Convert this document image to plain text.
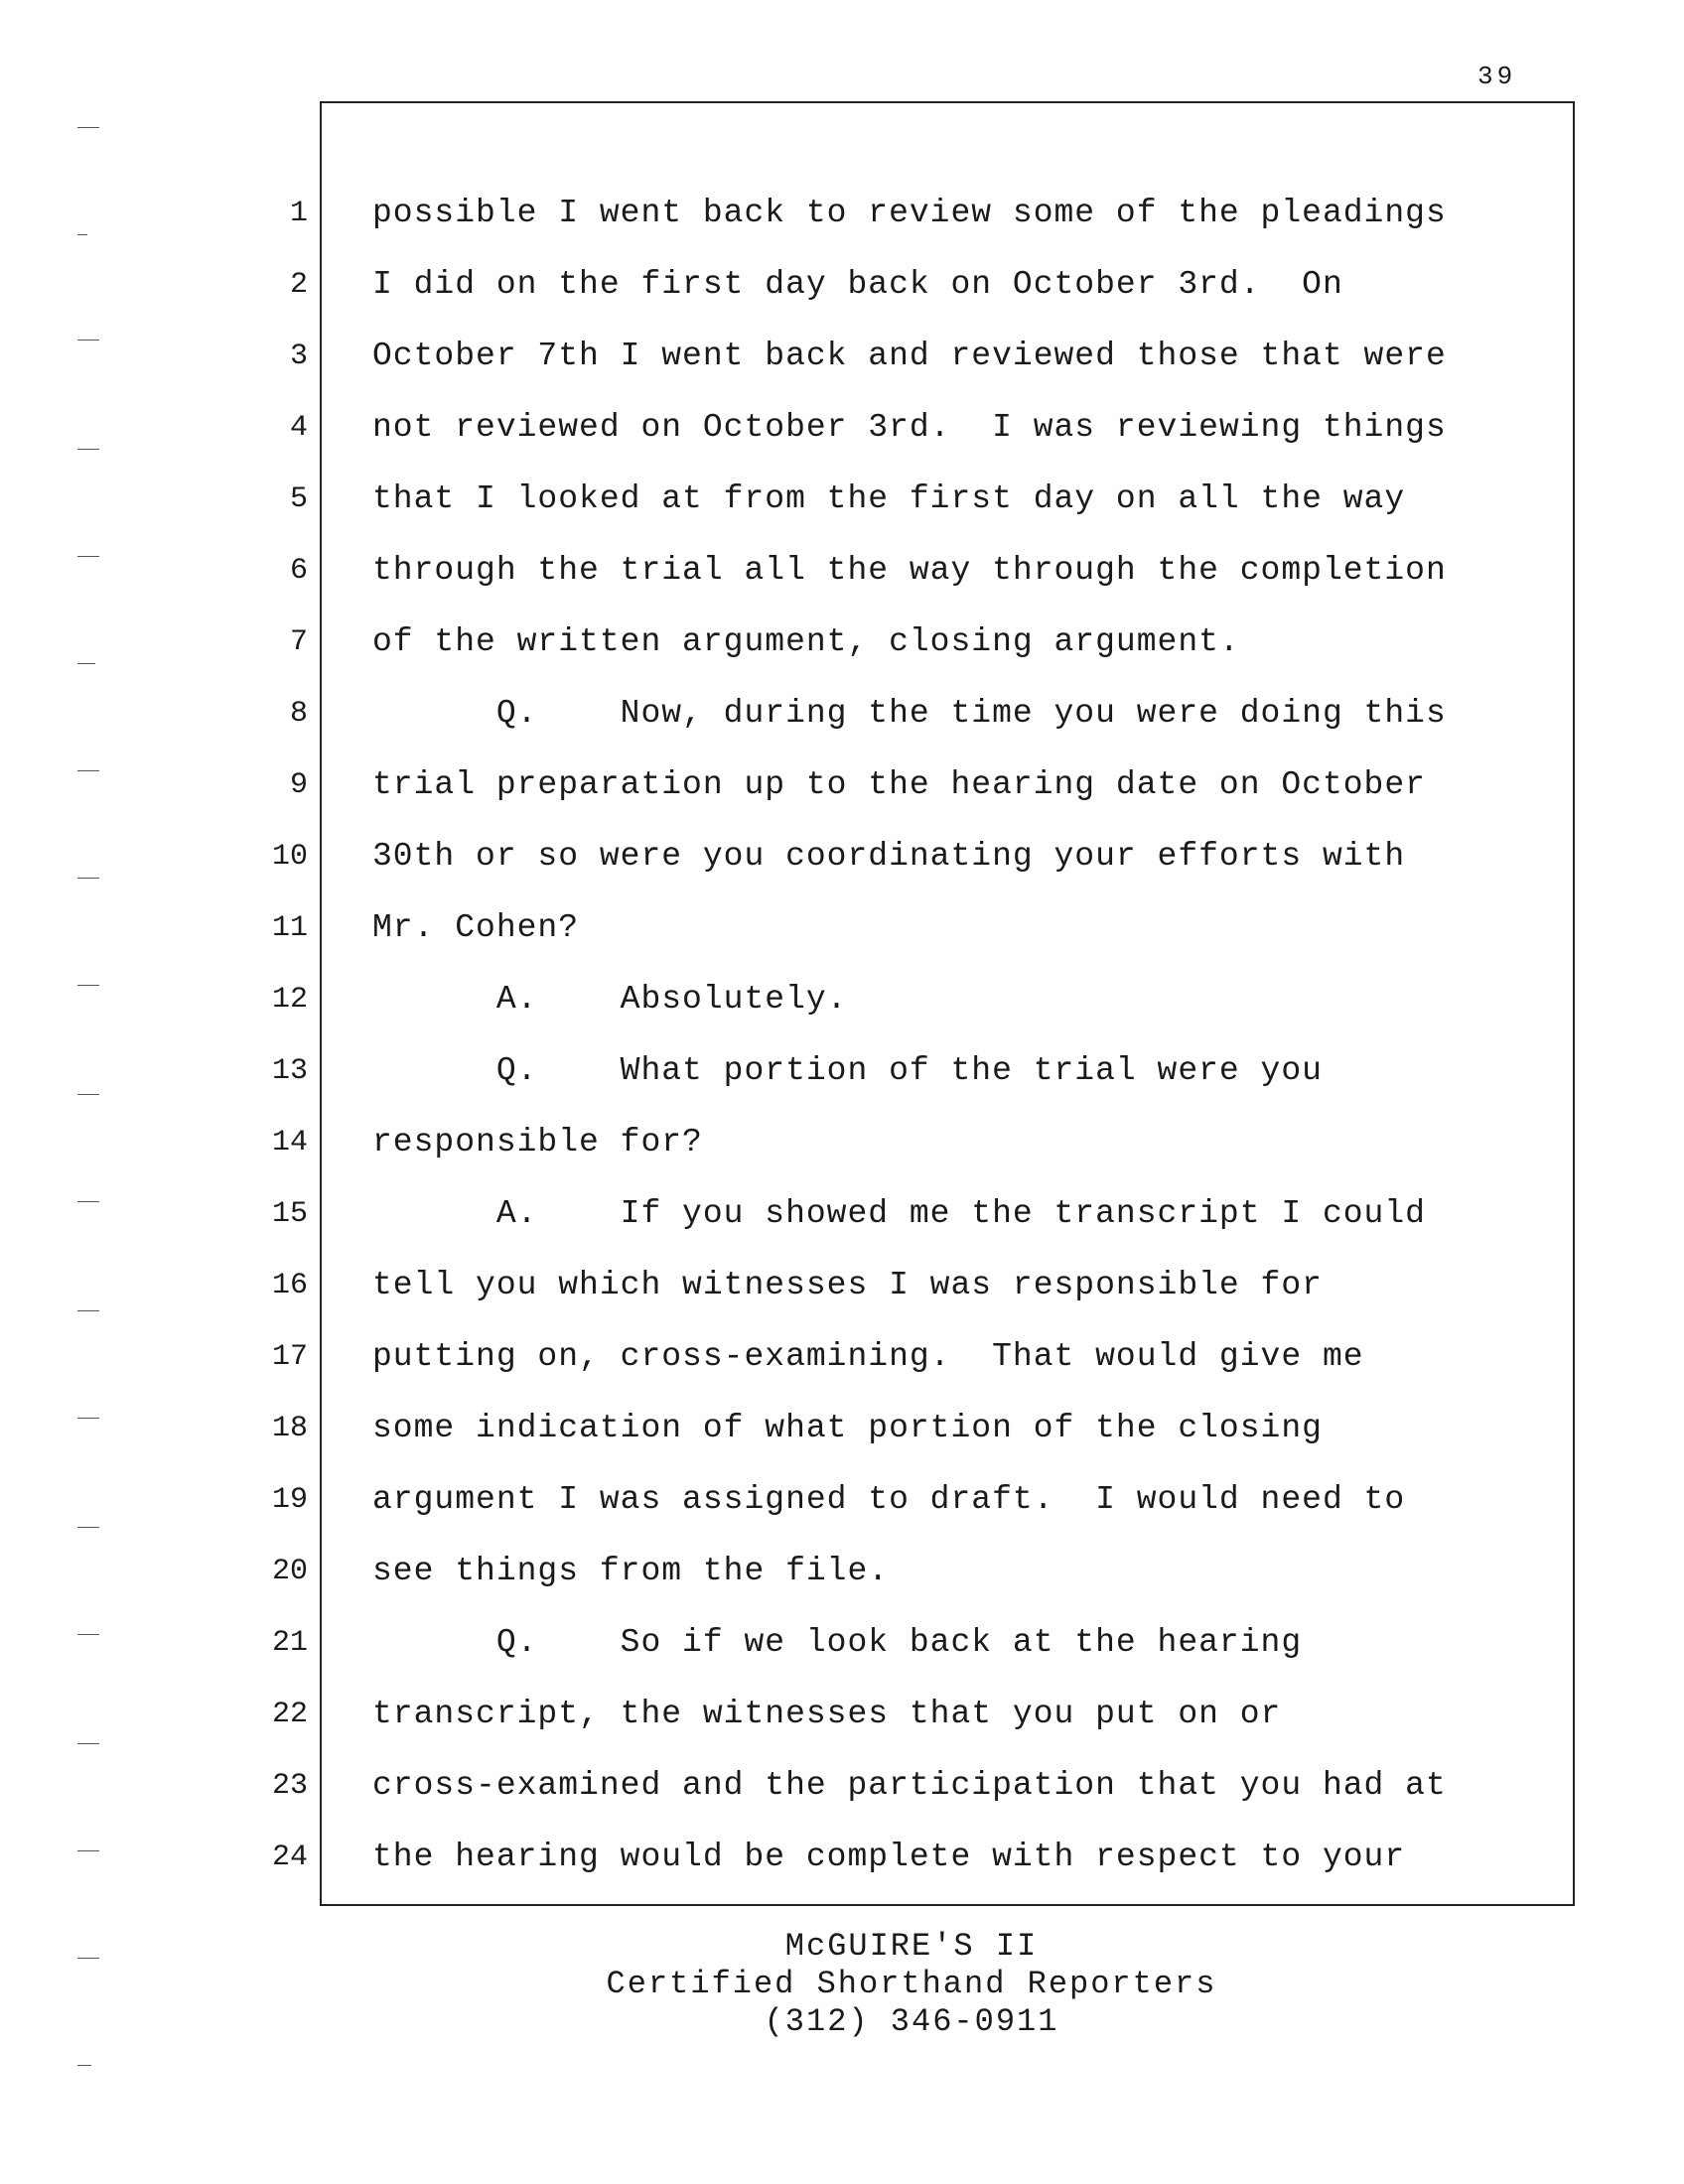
39
1 possible I went back to review some of the pleadings
2 I did on the first day back on October 3rd.  On
3 October 7th I went back and reviewed those that were
4 not reviewed on October 3rd.  I was reviewing things
5 that I looked at from the first day on all the way
6 through the trial all the way through the completion
7 of the written argument, closing argument.
8 Q.    Now, during the time you were doing this
9 trial preparation up to the hearing date on October
10 30th or so were you coordinating your efforts with
11 Mr. Cohen?
12 A.    Absolutely.
13 Q.    What portion of the trial were you
14 responsible for?
15 A.    If you showed me the transcript I could
16 tell you which witnesses I was responsible for
17 putting on, cross-examining.  That would give me
18 some indication of what portion of the closing
19 argument I was assigned to draft.  I would need to
20 see things from the file.
21 Q.    So if we look back at the hearing
22 transcript, the witnesses that you put on or
23 cross-examined and the participation that you had at
24 the hearing would be complete with respect to your
McGUIRE'S II
Certified Shorthand Reporters
(312) 346-0911
